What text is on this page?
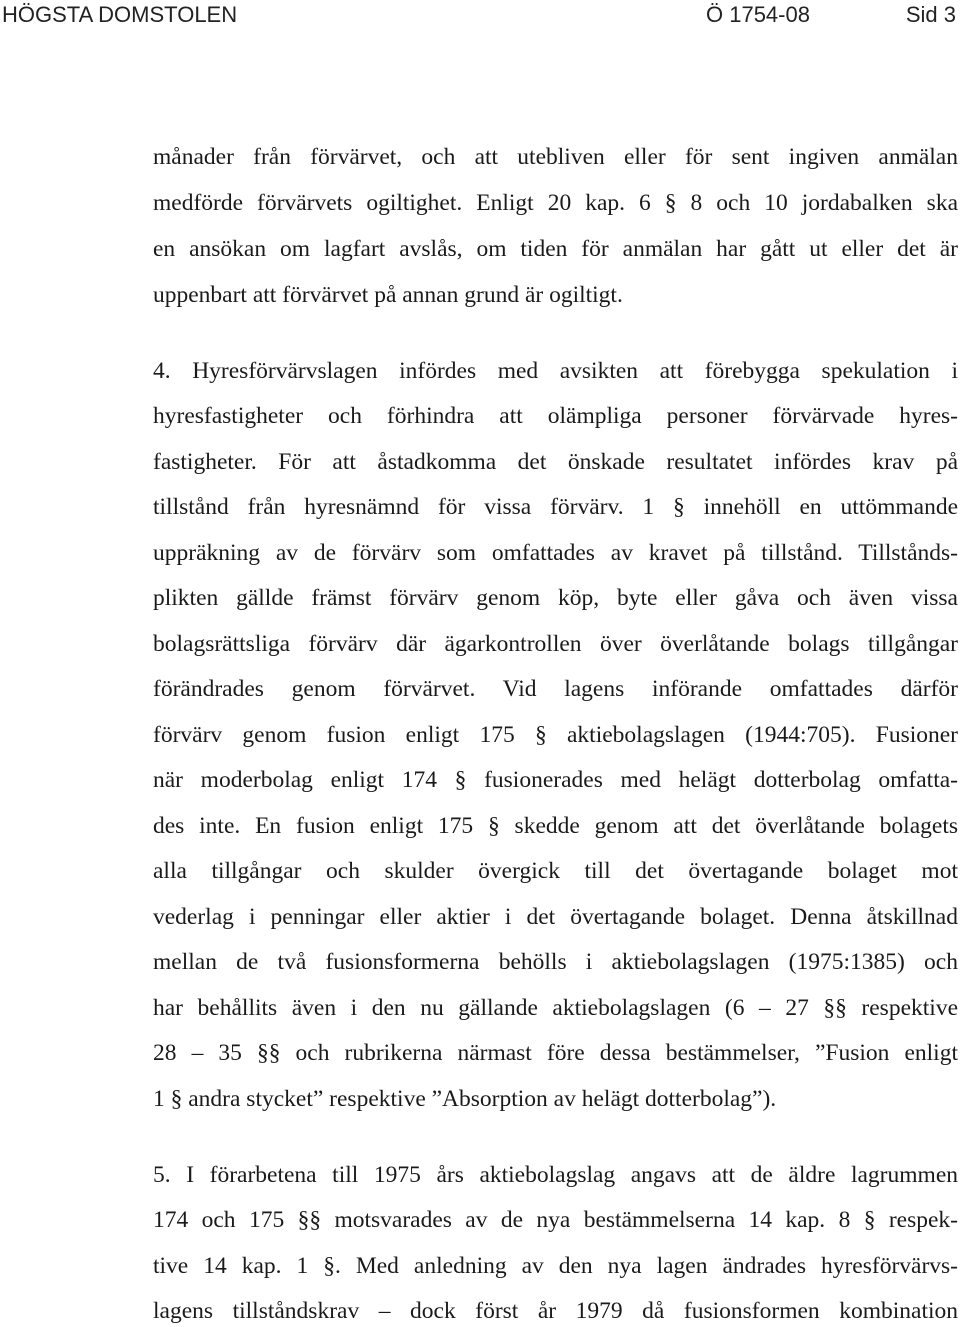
HÖGSTA DOMSTOLEN	Ö 1754-08	Sid 3
månader från förvärvet, och att utebliven eller för sent ingiven anmälan
medförde förvärvets ogiltighet. Enligt 20 kap. 6 § 8 och 10 jordabalken ska
en ansökan om lagfart avslås, om tiden för anmälan har gått ut eller det är
uppenbart att förvärvet på annan grund är ogiltigt.
4. Hyresförvärvslagen infördes med avsikten att förebygga spekulation i
hyresfastigheter och förhindra att olämpliga personer förvärvade hyres-
fastigheter. För att åstadkomma det önskade resultatet infördes krav på
tillstånd från hyresnämnd för vissa förvärv. 1 § innehöll en uttömmande
uppräkning av de förvärv som omfattades av kravet på tillstånd. Tillstånds-
plikten gällde främst förvärv genom köp, byte eller gåva och även vissa
bolagsrättsliga förvärv där ägarkontrollen över överlåtande bolags tillgångar
förändrades genom förvärvet. Vid lagens införande omfattades därför
förvärv genom fusion enligt 175 § aktiebolagslagen (1944:705). Fusioner
när moderbolag enligt 174 § fusionerades med helägt dotterbolag omfatta-
des inte. En fusion enligt 175 § skedde genom att det överlåtande bolagets
alla tillgångar och skulder övergick till det övertagande bolaget mot
vederlag i penningar eller aktier i det övertagande bolaget. Denna åtskillnad
mellan de två fusionsformerna behölls i aktiebolagslagen (1975:1385) och
har behållits även i den nu gällande aktiebolagslagen (6 – 27 §§ respektive
28 – 35 §§ och rubrikerna närmast före dessa bestämmelser, ”Fusion enligt
1 § andra stycket” respektive ”Absorption av helägt dotterbolag”).
5. I förarbetena till 1975 års aktiebolagslag angavs att de äldre lagrummen
174 och 175 §§ motsvarades av de nya bestämmelserna 14 kap. 8 § respek-
tive 14 kap. 1 §. Med anledning av den nya lagen ändrades hyresförvärvs-
lagens tillståndskrav – dock först år 1979 då fusionsformen kombination
